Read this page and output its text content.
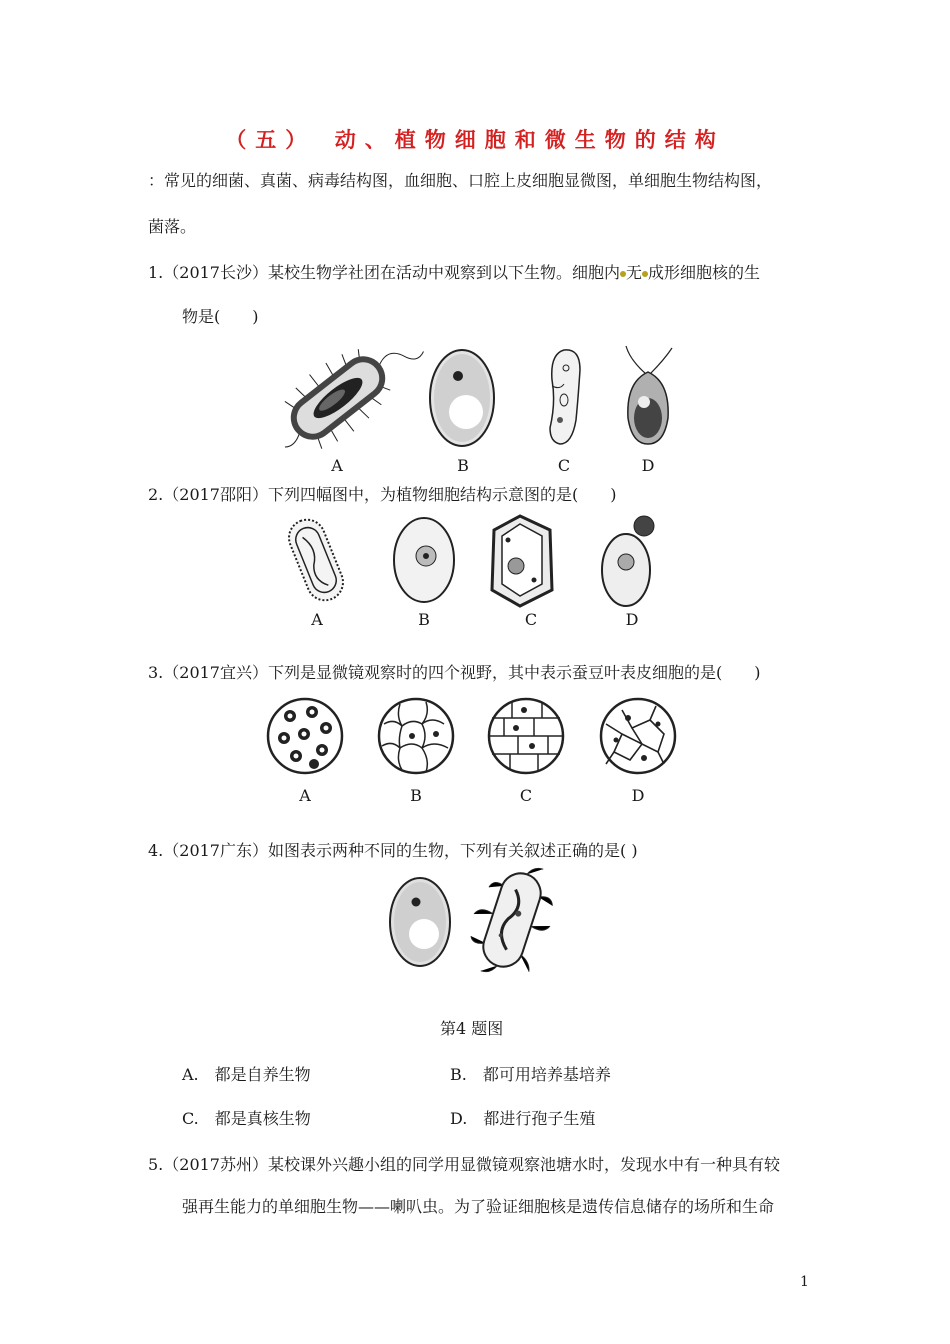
（五）　动、植物细胞和微生物的结构
：常见的细菌、真菌、病毒结构图，血细胞、口腔上皮细胞显微图，单细胞生物结构图，
菌落。
1.（2017长沙）某校生物学社团在活动中观察到以下生物。细胞内 无 成形细胞核的生
物是(　　)
A	B	C	D
2.（2017邵阳）下列四幅图中，为植物细胞结构示意图的是(　　)
A	B	C	D
3.（2017宜兴）下列是显微镜观察时的四个视野，其中表示蚕豆叶表皮细胞的是(　　)
A	B	C	D
4.（2017广东）如图表示两种不同的生物，下列有关叙述正确的是( )
第4 题图
A. 都是自养生物	B. 都可用培养基培养
C. 都是真核生物	D. 都进行孢子生殖
5.（2017苏州）某校课外兴趣小组的同学用显微镜观察池塘水时，发现水中有一种具有较
强再生能力的单细胞生物——喇叭虫。为了验证细胞核是遗传信息储存的场所和生命
1
